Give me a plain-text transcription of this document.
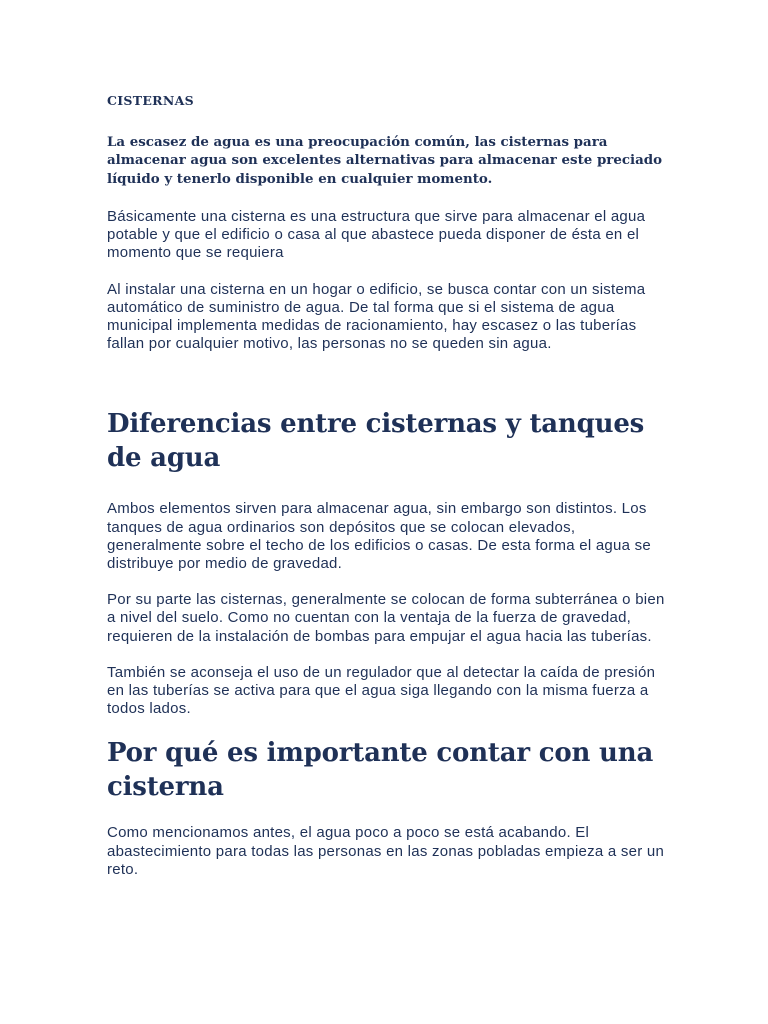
CISTERNAS

La escasez de agua es una preocupación común, las cisternas para almacenar agua son excelentes alternativas para almacenar este preciado líquido y tenerlo disponible en cualquier momento.

Básicamente una cisterna es una estructura que sirve para almacenar el agua potable y que el edificio o casa al que abastece pueda disponer de ésta en el momento que se requiera

Al instalar una cisterna en un hogar o edificio, se busca contar con un sistema automático de suministro de agua. De tal forma que si el sistema de agua municipal implementa medidas de racionamiento, hay escasez o las tuberías fallan por cualquier motivo, las personas no se queden sin agua.

Diferencias entre cisternas y tanques de agua

Ambos elementos sirven para almacenar agua, sin embargo son distintos. Los tanques de agua ordinarios son depósitos que se colocan elevados, generalmente sobre el techo de los edificios o casas. De esta forma el agua se distribuye por medio de gravedad.

Por su parte las cisternas, generalmente se colocan de forma subterránea o bien a nivel del suelo. Como no cuentan con la ventaja de la fuerza de gravedad, requieren de la instalación de bombas para empujar el agua hacia las tuberías.

También se aconseja el uso de un regulador que al detectar la caída de presión en las tuberías se activa para que el agua siga llegando con la misma fuerza a todos lados.

Por qué es importante contar con una cisterna

Como mencionamos antes, el agua poco a poco se está acabando. El abastecimiento para todas las personas en las zonas pobladas empieza a ser un reto.
